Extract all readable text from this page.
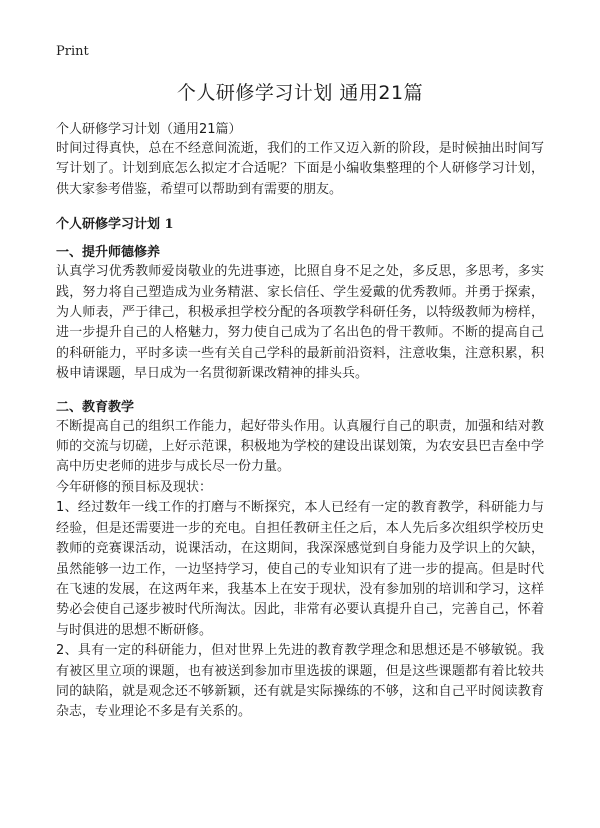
Print

个人研修学习计划 通用21篇

个人研修学习计划（通用21篇）

时间过得真快，总在不经意间流逝，我们的工作又迈入新的阶段，是时候抽出时间写写计划了。计划到底怎么拟定才合适呢？下面是小编收集整理的个人研修学习计划，供大家参考借鉴，希望可以帮助到有需要的朋友。

个人研修学习计划 1
一、提升师德修养

认真学习优秀教师爱岗敬业的先进事迹，比照自身不足之处，多反思，多思考，多实践，努力将自己塑造成为业务精湛、家长信任、学生爱戴的优秀教师。并勇于探索，为人师表，严于律己，积极承担学校分配的各项教学科研任务，以特级教师为榜样，进一步提升自己的人格魅力，努力使自己成为了名出色的骨干教师。不断的提高自己的科研能力，平时多读一些有关自己学科的最新前沿资料，注意收集，注意积累，积极申请课题，早日成为一名贯彻新课改精神的排头兵。

二、教育教学

不断提高自己的组织工作能力，起好带头作用。认真履行自己的职责，加强和结对教师的交流与切磋，上好示范课，积极地为学校的建设出谋划策，为农安县巴吉垒中学高中历史老师的进步与成长尽一份力量。

今年研修的预目标及现状：

1、经过数年一线工作的打磨与不断探究，本人已经有一定的教育教学，科研能力与经验，但是还需要进一步的充电。自担任教研主任之后，本人先后多次组织学校历史教师的竞赛课活动，说课活动，在这期间，我深深感觉到自身能力及学识上的欠缺，虽然能够一边工作，一边坚持学习，使自己的专业知识有了进一步的提高。但是时代在飞速的发展，在这两年来，我基本上在安于现状，没有参加别的培训和学习，这样势必会使自己逐步被时代所淘汰。因此，非常有必要认真提升自己，完善自己，怀着与时俱进的思想不断研修。

2、具有一定的科研能力，但对世界上先进的教育教学理念和思想还是不够敏锐。我有被区里立项的课题，也有被送到参加市里选拔的课题，但是这些课题都有着比较共同的缺陷，就是观念还不够新颖，还有就是实际操练的不够，这和自己平时阅读教育杂志，专业理论不多是有关系的。
